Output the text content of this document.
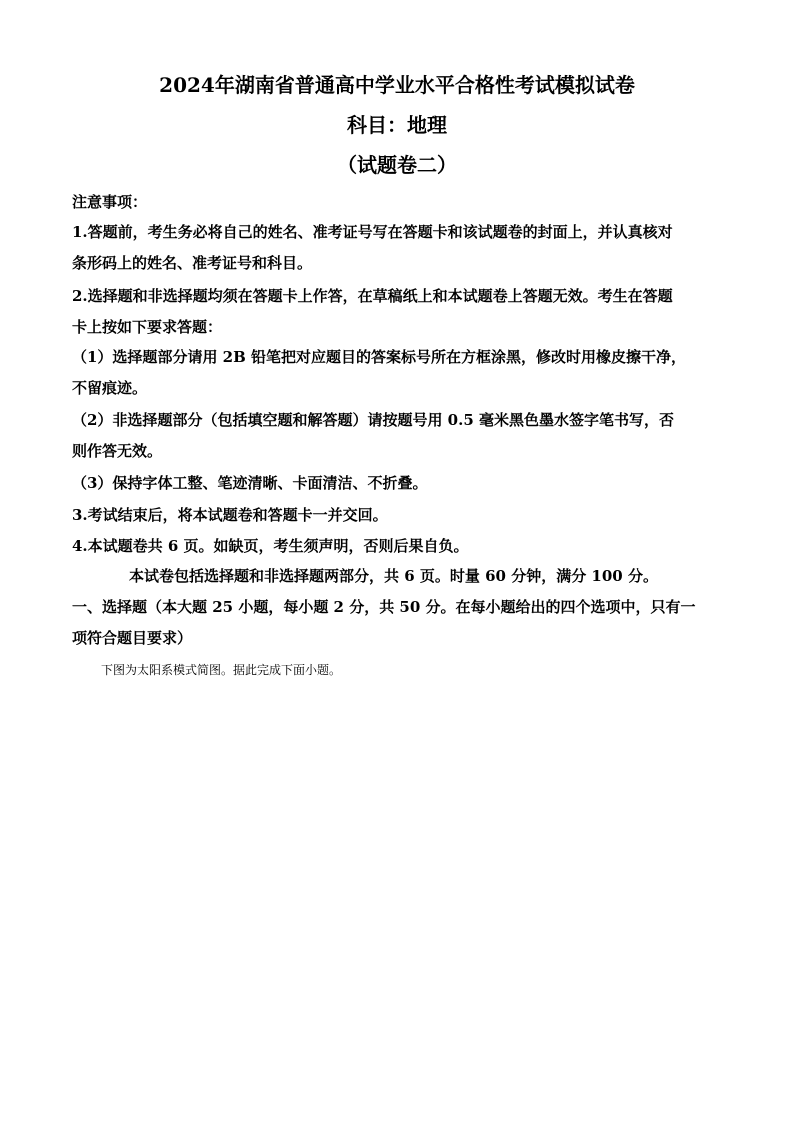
2024年湖南省普通高中学业水平合格性考试模拟试卷
科目：地理
（试题卷二）
注意事项：
1.答题前，考生务必将自己的姓名、准考证号写在答题卡和该试题卷的封面上，并认真核对
条形码上的姓名、准考证号和科目。
2.选择题和非选择题均须在答题卡上作答，在草稿纸上和本试题卷上答题无效。考生在答题
卡上按如下要求答题：
（1）选择题部分请用 2B 铅笔把对应题目的答案标号所在方框涂黑，修改时用橡皮擦干净，
不留痕迹。
（2）非选择题部分（包括填空题和解答题）请按题号用 0.5 毫米黑色墨水签字笔书写，否
则作答无效。
（3）保持字体工整、笔迹清晰、卡面清洁、不折叠。
3.考试结束后，将本试题卷和答题卡一并交回。
4.本试题卷共 6 页。如缺页，考生须声明，否则后果自负。
本试卷包括选择题和非选择题两部分，共 6 页。时量 60 分钟，满分 100 分。
一、选择题（本大题 25 小题，每小题 2 分，共 50 分。在每小题给出的四个选项中，只有一
项符合题目要求）
下图为太阳系模式简图。据此完成下面小题。
